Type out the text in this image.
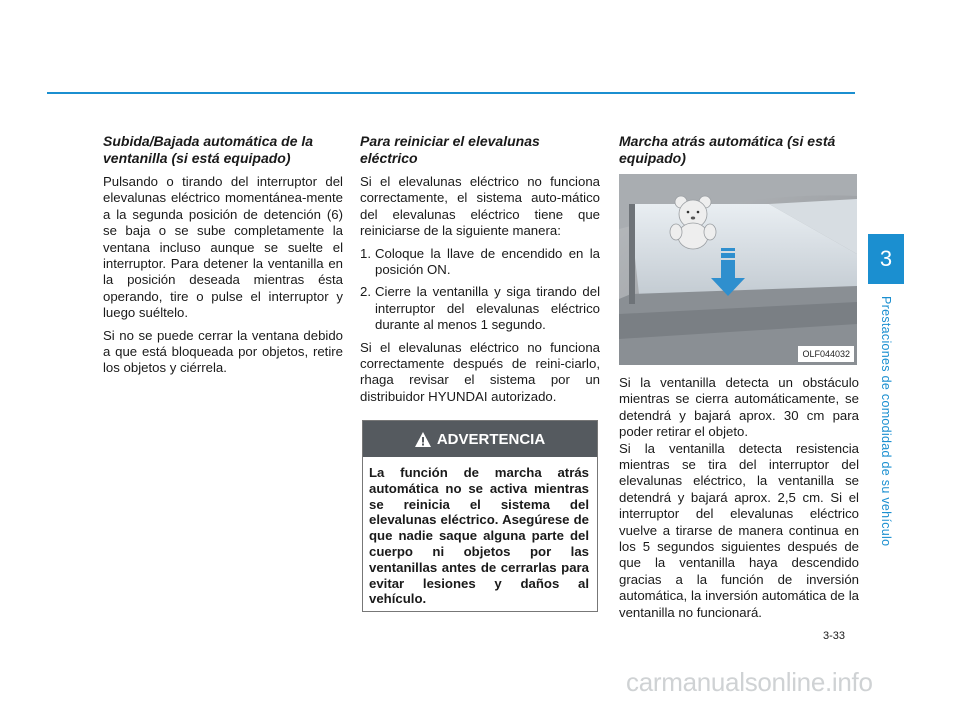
3
Prestaciones de comodidad de su vehículo
Subida/Bajada automática de la ventanilla (si está equipado)

Pulsando o tirando del interruptor del elevalunas eléctrico momentánea-mente a la segunda posición de detención (6) se baja o se sube completamente la ventana incluso aunque se suelte el interruptor. Para detener la ventanilla en la posición deseada mientras ésta operando, tire o pulse el interruptor y luego suéltelo.

Si no se puede cerrar la ventana debido a que está bloqueada por objetos, retire los objetos y ciérrela.

Para reiniciar el elevalunas eléctrico

Si el elevalunas eléctrico no funciona correctamente, el sistema auto-mático del elevalunas eléctrico tiene que reiniciarse de la siguiente manera:

1. Coloque la llave de encendido en la posición ON.
2. Cierre la ventanilla y siga tirando del interruptor del elevalunas eléctrico durante al menos 1 segundo.

Si el elevalunas eléctrico no funciona correctamente después de reini-ciarlo, rhaga revisar el sistema por un distribuidor HYUNDAI autorizado.

ADVERTENCIA
La función de marcha atrás automática no se activa mientras se reinicia el sistema del elevalunas eléctrico. Asegúrese de que nadie saque alguna parte del cuerpo ni objetos por las ventanillas antes de cerrarlas para evitar lesiones y daños al vehículo.
Marcha atrás automática (si está equipado)
OLF044032

Si la ventanilla detecta un obstáculo mientras se cierra automáticamente, se detendrá y bajará aprox. 30 cm para poder retirar el objeto.

Si la ventanilla detecta resistencia mientras se tira del interruptor del elevalunas eléctrico, la ventanilla se detendrá y bajará aprox. 2,5 cm. Si el interruptor del elevalunas eléctrico vuelve a tirarse de manera continua en los 5 segundos siguientes después de que la ventanilla haya descendido gracias a la función de inversión automática, la inversión automática de la ventanilla no funcionará.

3-33
carmanualsonline.info
